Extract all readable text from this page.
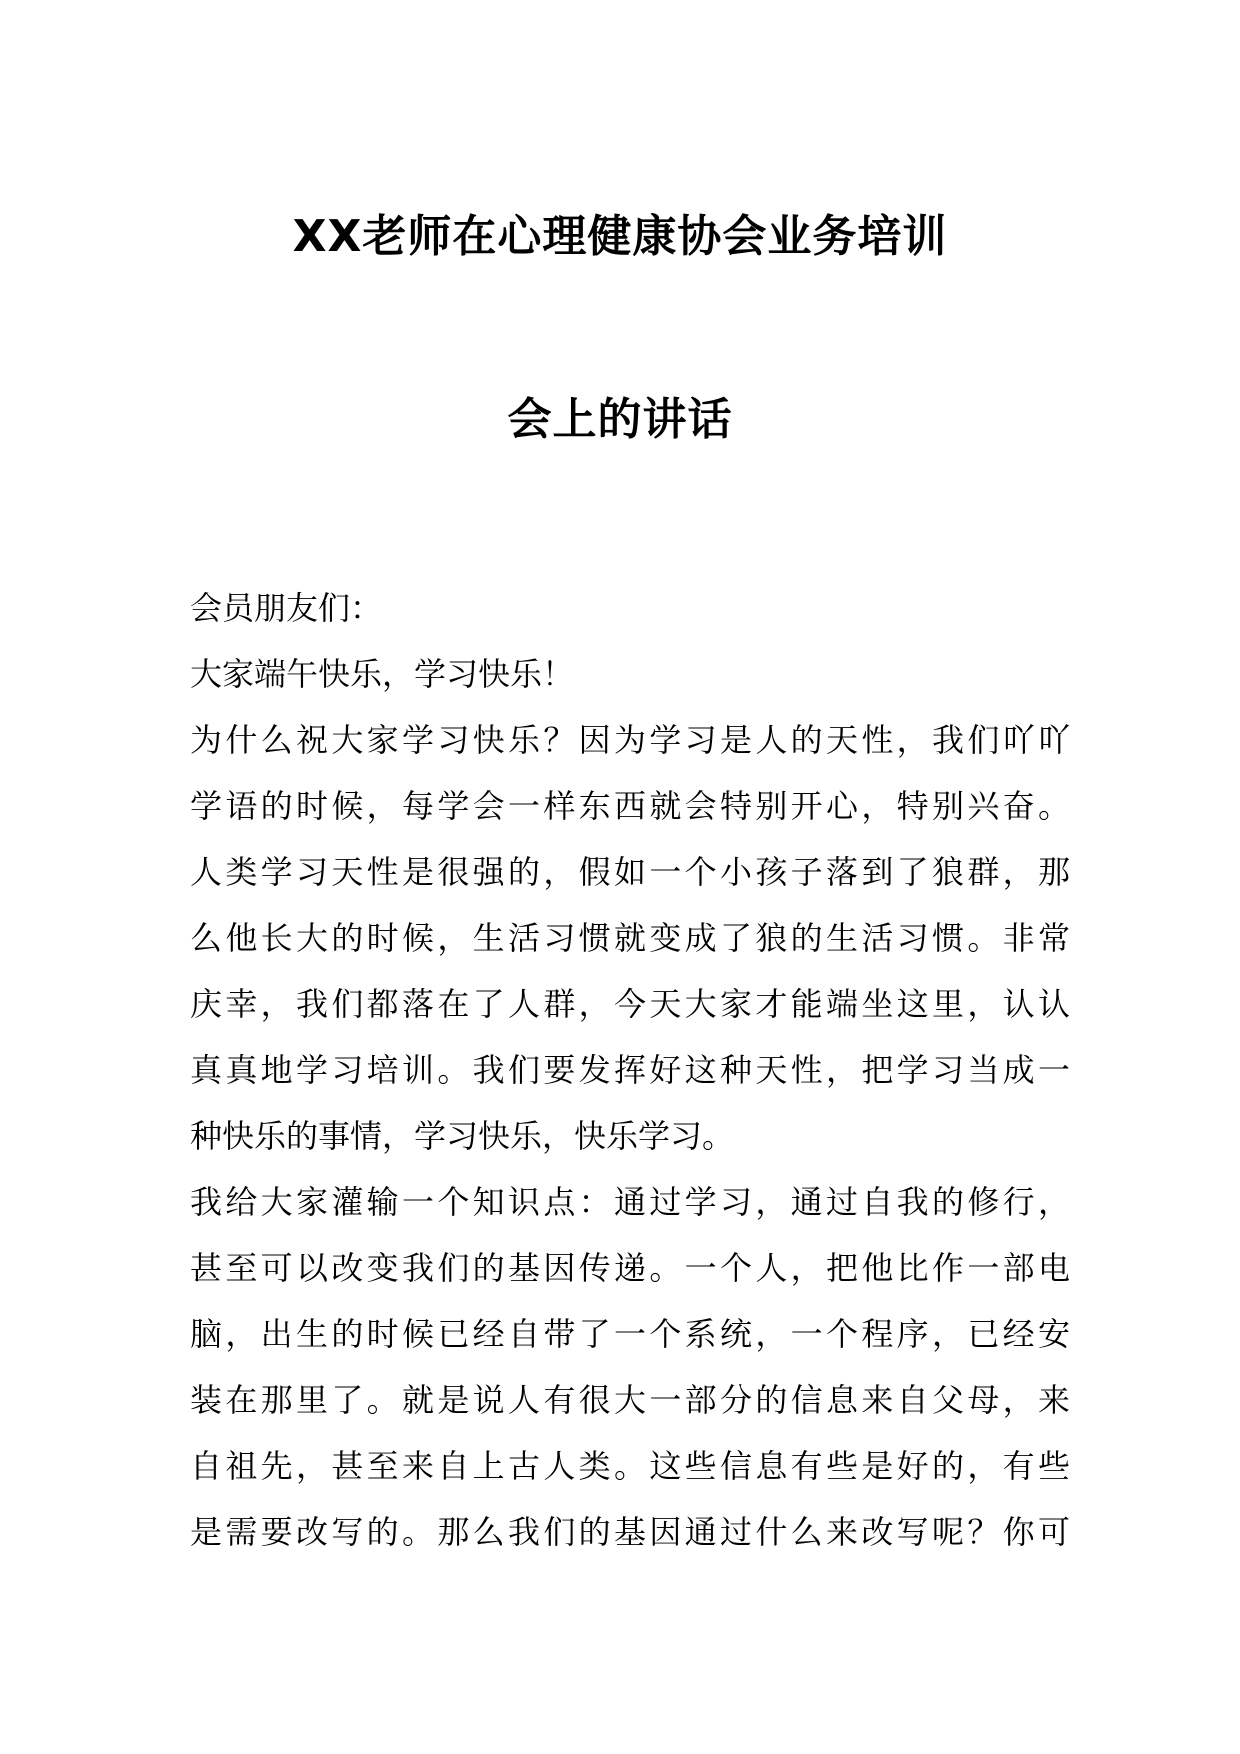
XX老师在心理健康协会业务培训
会上的讲话
会员朋友们：
大家端午快乐，学习快乐！
为什么祝大家学习快乐？因为学习是人的天性，我们吖吖
学语的时候，每学会一样东西就会特别开心，特别兴奋。
人类学习天性是很强的，假如一个小孩子落到了狼群，那
么他长大的时候，生活习惯就变成了狼的生活习惯。非常
庆幸，我们都落在了人群，今天大家才能端坐这里，认认
真真地学习培训。我们要发挥好这种天性，把学习当成一
种快乐的事情，学习快乐，快乐学习。
我给大家灌输一个知识点：通过学习，通过自我的修行，
甚至可以改变我们的基因传递。一个人，把他比作一部电
脑，出生的时候已经自带了一个系统，一个程序，已经安
装在那里了。就是说人有很大一部分的信息来自父母，来
自祖先，甚至来自上古人类。这些信息有些是好的，有些
是需要改写的。那么我们的基因通过什么来改写呢？你可
